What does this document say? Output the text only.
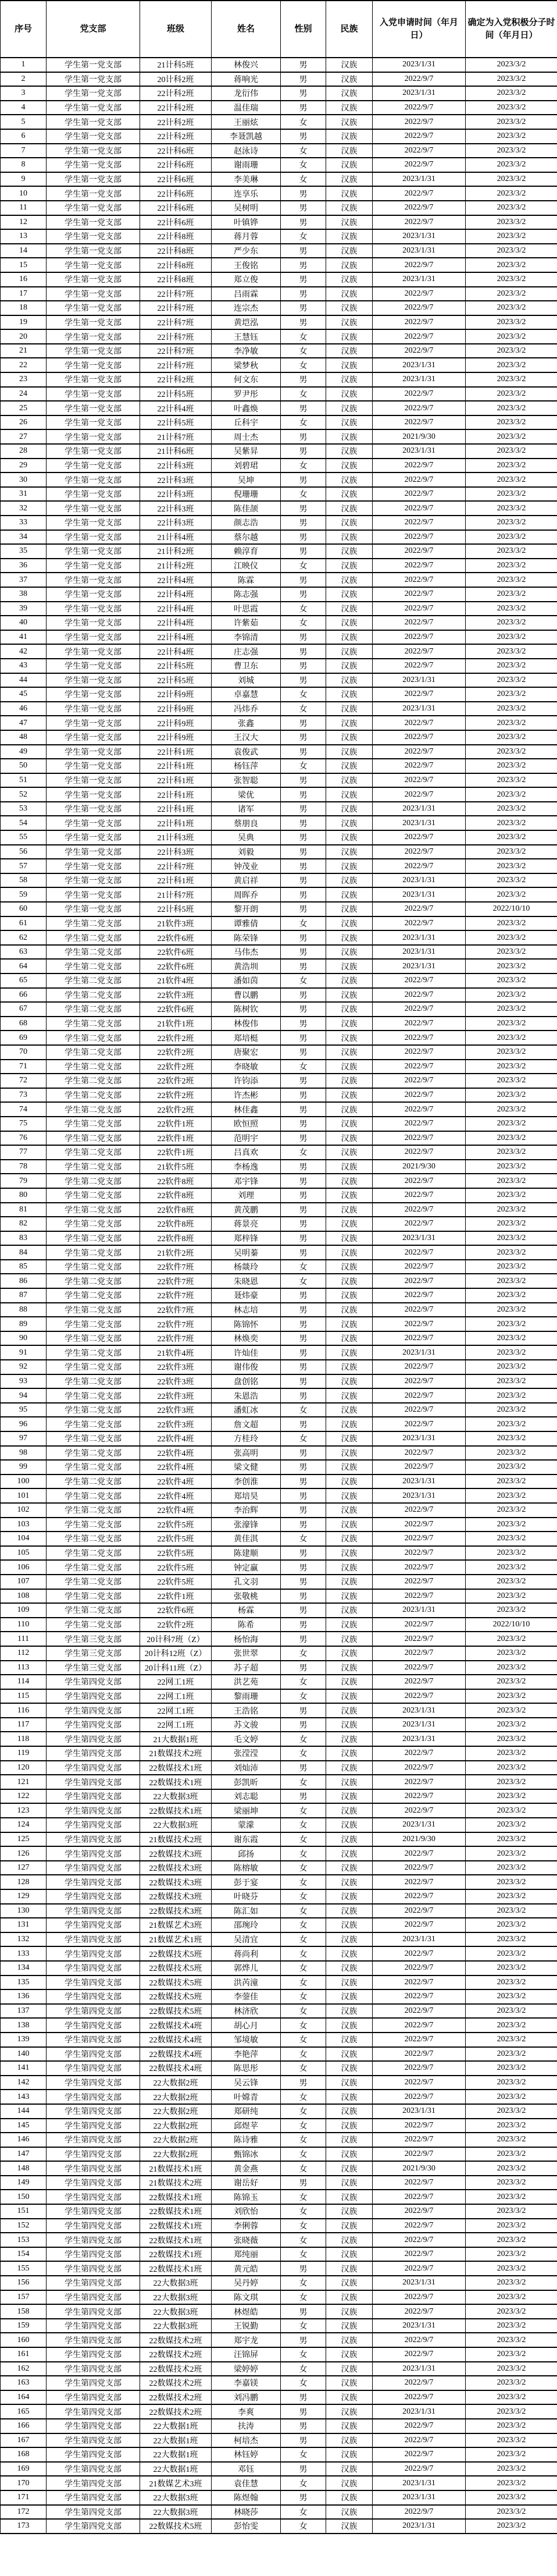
序号	党支部	班级	姓名	性别	民族	入党申请时间（年月日）	确定为入党积极分子时间（年月日）
1	学生第一党支部	21计科5班	林俊兴	男	汉族	2023/1/31	2023/3/2
2	学生第一党支部	20计科2班	蒋响光	男	汉族	2022/9/7	2023/3/2
3	学生第一党支部	22计科2班	龙衍伟	男	汉族	2023/1/31	2023/3/2
4	学生第一党支部	22计科2班	温佳瑞	男	汉族	2022/9/7	2023/3/2
5	学生第一党支部	22计科2班	王丽炫	女	汉族	2022/9/7	2023/3/2
6	学生第一党支部	22计科2班	李聂凯越	男	汉族	2022/9/7	2023/3/2
7	学生第一党支部	22计科6班	赵泳诗	女	汉族	2022/9/7	2023/3/2
8	学生第一党支部	22计科6班	谢雨珊	女	汉族	2022/9/7	2023/3/2
9	学生第一党支部	22计科6班	李美琳	女	汉族	2023/1/31	2023/3/2
10	学生第一党支部	22计科6班	连享乐	男	汉族	2022/9/7	2023/3/2
11	学生第一党支部	22计科6班	吴树明	男	汉族	2022/9/7	2023/3/2
12	学生第一党支部	22计科6班	叶镇铧	男	汉族	2022/9/7	2023/3/2
13	学生第一党支部	22计科8班	蒋月蓉	女	汉族	2023/1/31	2023/3/2
14	学生第一党支部	22计科8班	严少东	男	汉族	2023/1/31	2023/3/2
15	学生第一党支部	22计科8班	王俊铭	男	汉族	2022/9/7	2023/3/2
16	学生第一党支部	22计科8班	郑立俊	男	汉族	2023/1/31	2023/3/2
17	学生第一党支部	22计科7班	吕雨霖	男	汉族	2022/9/7	2023/3/2
18	学生第一党支部	22计科7班	连宗杰	男	汉族	2022/9/7	2023/3/2
19	学生第一党支部	22计科7班	黄垲泓	男	汉族	2022/9/7	2023/3/2
20	学生第一党支部	22计科7班	王慧钰	女	汉族	2022/9/7	2023/3/2
21	学生第一党支部	22计科7班	李净敏	女	汉族	2022/9/7	2023/3/2
22	学生第一党支部	22计科7班	梁梦秋	女	汉族	2023/1/31	2023/3/2
23	学生第一党支部	22计科2班	何文东	男	汉族	2023/1/31	2023/3/2
24	学生第一党支部	22计科5班	罗尹彤	女	汉族	2022/9/7	2023/3/2
25	学生第一党支部	22计科4班	叶鑫焕	男	汉族	2022/9/7	2023/3/2
26	学生第一党支部	22计科5班	丘科宇	女	汉族	2022/9/7	2023/3/2
27	学生第一党支部	21计科7班	周士杰	男	汉族	2021/9/30	2023/3/2
28	学生第一党支部	21计科6班	吴紫昇	男	汉族	2023/1/31	2023/3/2
29	学生第一党支部	22计科3班	刘碧珺	女	汉族	2022/9/7	2023/3/2
30	学生第一党支部	22计科3班	吴坤	男	汉族	2022/9/7	2023/3/2
31	学生第一党支部	22计科3班	倪珊珊	女	汉族	2022/9/7	2023/3/2
32	学生第一党支部	22计科3班	陈佳颉	男	汉族	2022/9/7	2023/3/2
33	学生第一党支部	22计科3班	颜志浩	男	汉族	2022/9/7	2023/3/2
34	学生第一党支部	21计科4班	蔡尔越	男	汉族	2022/9/7	2023/3/2
35	学生第一党支部	21计科2班	赖淳育	男	汉族	2022/9/7	2023/3/2
36	学生第一党支部	21计科2班	江映仪	女	汉族	2022/9/7	2023/3/2
37	学生第一党支部	22计科4班	陈霖	男	汉族	2022/9/7	2023/3/2
38	学生第一党支部	22计科4班	陈志强	男	汉族	2022/9/7	2023/3/2
39	学生第一党支部	22计科4班	叶思霞	女	汉族	2022/9/7	2023/3/2
40	学生第一党支部	22计科4班	许紫茹	女	汉族	2022/9/7	2023/3/2
41	学生第一党支部	22计科4班	李锦清	男	汉族	2022/9/7	2023/3/2
42	学生第一党支部	22计科4班	庄志强	男	汉族	2022/9/7	2023/3/2
43	学生第一党支部	22计科5班	曹卫东	男	汉族	2022/9/7	2023/3/2
44	学生第一党支部	22计科5班	刘城	男	汉族	2023/1/31	2023/3/2
45	学生第一党支部	22计科9班	卓嘉慧	女	汉族	2022/9/7	2023/3/2
46	学生第一党支部	22计科9班	冯炜乔	女	汉族	2023/1/31	2023/3/2
47	学生第一党支部	22计科9班	张鑫	男	汉族	2022/9/7	2023/3/2
48	学生第一党支部	22计科9班	王汉大	男	汉族	2022/9/7	2023/3/2
49	学生第一党支部	22计科1班	袁俊武	男	汉族	2022/9/7	2023/3/2
50	学生第一党支部	22计科1班	杨钰萍	女	汉族	2022/9/7	2023/3/2
51	学生第一党支部	22计科1班	张智聪	男	汉族	2022/9/7	2023/3/2
52	学生第一党支部	22计科1班	梁优	男	汉族	2022/9/7	2023/3/2
53	学生第一党支部	22计科1班	诸军	男	汉族	2023/1/31	2023/3/2
54	学生第一党支部	22计科1班	蔡朋良	男	汉族	2023/1/31	2023/3/2
55	学生第一党支部	21计科3班	吴典	男	汉族	2022/9/7	2023/3/2
56	学生第一党支部	22计科3班	刘毅	男	汉族	2022/9/7	2023/3/2
57	学生第一党支部	22计科7班	钟茂业	男	汉族	2022/9/7	2023/3/2
58	学生第一党支部	22计科1班	黄启祥	男	汉族	2023/1/31	2023/3/2
59	学生第一党支部	21计科7班	周晖乔	男	汉族	2023/1/31	2023/3/2
60	学生第一党支部	22计科5班	黎开朗	男	汉族	2022/9/7	2022/10/10
61	学生第二党支部	21软件3班	谭雅倩	女	汉族	2022/9/7	2023/3/2
62	学生第二党支部	22软件6班	陈荣锋	男	汉族	2023/1/31	2023/3/2
63	学生第二党支部	22软件6班	马伟杰	男	汉族	2023/1/31	2023/3/2
64	学生第二党支部	22软件6班	黄浩圳	男	汉族	2023/1/31	2023/3/2
65	学生第二党支部	21软件4班	潘如茵	女	汉族	2022/9/7	2023/3/2
66	学生第二党支部	22软件3班	曹以鹏	男	汉族	2022/9/7	2023/3/2
67	学生第二党支部	22软件6班	陈树钦	男	汉族	2022/9/7	2023/3/2
68	学生第二党支部	21软件1班	林俊伟	男	汉族	2022/9/7	2023/3/2
69	学生第二党支部	22软件2班	郑培梃	男	汉族	2022/9/7	2023/3/2
70	学生第二党支部	22软件2班	唐聚宏	男	汉族	2022/9/7	2023/3/2
71	学生第二党支部	22软件2班	李晓敏	女	汉族	2022/9/7	2023/3/2
72	学生第二党支部	22软件2班	许钧添	男	汉族	2022/9/7	2023/3/2
73	学生第二党支部	22软件2班	许杰彬	男	汉族	2022/9/7	2023/3/2
74	学生第二党支部	22软件2班	林佳鑫	男	汉族	2022/9/7	2023/3/2
75	学生第二党支部	22软件1班	欧恒照	男	汉族	2022/9/7	2023/3/2
76	学生第二党支部	22软件1班	范明宇	男	汉族	2022/9/7	2023/3/2
77	学生第二党支部	22软件1班	吕真欢	女	汉族	2022/9/7	2023/3/2
78	学生第二党支部	21软件5班	李杨逸	男	汉族	2021/9/30	2023/3/2
79	学生第二党支部	22软件8班	邓宇锋	男	汉族	2022/9/7	2023/3/2
80	学生第二党支部	22软件8班	刘理	男	汉族	2022/9/7	2023/3/2
81	学生第二党支部	22软件8班	黄茂鹏	男	汉族	2022/9/7	2023/3/2
82	学生第二党支部	22软件8班	蒋景亮	男	汉族	2022/9/7	2023/3/2
83	学生第二党支部	22软件8班	郑梓锋	男	汉族	2023/1/31	2023/3/2
84	学生第二党支部	21软件2班	吴明蓁	男	汉族	2022/9/7	2023/3/2
85	学生第二党支部	22软件7班	杨燚玲	女	汉族	2022/9/7	2023/3/2
86	学生第二党支部	22软件7班	朱晓恩	女	汉族	2022/9/7	2023/3/2
87	学生第二党支部	22软件7班	聂炜豪	男	汉族	2022/9/7	2023/3/2
88	学生第二党支部	22软件7班	林志培	男	汉族	2022/9/7	2023/3/2
89	学生第二党支部	22软件7班	陈锦怀	男	汉族	2022/9/7	2023/3/2
90	学生第二党支部	22软件7班	林焕奕	男	汉族	2022/9/7	2023/3/2
91	学生第二党支部	21软件4班	许灿佳	男	汉族	2023/1/31	2023/3/2
92	学生第二党支部	22软件3班	谢伟俊	男	汉族	2022/9/7	2023/3/2
93	学生第二党支部	22软件3班	盘创铭	男	汉族	2022/9/7	2023/3/2
94	学生第二党支部	22软件3班	朱恩浩	男	汉族	2022/9/7	2023/3/2
95	学生第二党支部	22软件3班	潘虹冰	女	汉族	2022/9/7	2023/3/2
96	学生第二党支部	22软件3班	詹文超	男	汉族	2022/9/7	2023/3/2
97	学生第二党支部	22软件4班	方桂玲	女	汉族	2023/1/31	2023/3/2
98	学生第二党支部	22软件4班	张高明	男	汉族	2022/9/7	2023/3/2
99	学生第二党支部	22软件4班	梁文健	男	汉族	2022/9/7	2023/3/2
100	学生第二党支部	22软件4班	李创淮	男	汉族	2023/1/31	2023/3/2
101	学生第二党支部	22软件4班	郑培昊	男	汉族	2023/1/31	2023/3/2
102	学生第二党支部	22软件4班	李治辉	男	汉族	2022/9/7	2023/3/2
103	学生第二党支部	22软件5班	张濠锋	男	汉族	2022/9/7	2023/3/2
104	学生第二党支部	22软件5班	黄佳淇	女	汉族	2022/9/7	2023/3/2
105	学生第二党支部	22软件5班	陈建顺	男	汉族	2022/9/7	2023/3/2
106	学生第二党支部	22软件5班	钟定赢	男	汉族	2022/9/7	2023/3/2
107	学生第二党支部	22软件5班	孔文羽	男	汉族	2022/9/7	2023/3/2
108	学生第二党支部	22软件1班	张敬桃	男	汉族	2022/9/7	2023/3/2
109	学生第二党支部	22软件6班	杨霖	男	汉族	2023/1/31	2023/3/2
110	学生第二党支部	22软件2班	陈希	男	汉族	2022/9/7	2022/10/10
111	学生第三党支部	20计科7班（Z）	杨怡海	男	汉族	2022/9/7	2023/3/2
112	学生第三党支部	20计科12班（Z）	张世翠	女	汉族	2022/9/7	2023/3/2
113	学生第三党支部	20计科11班（Z）	苏子超	男	汉族	2022/9/7	2023/3/2
114	学生第四党支部	22网工1班	洪艺苑	女	汉族	2022/9/7	2023/3/2
115	学生第四党支部	22网工1班	黎雨珊	女	汉族	2022/9/7	2023/3/2
116	学生第四党支部	22网工1班	王浩铭	男	汉族	2023/1/31	2023/3/2
117	学生第四党支部	22网工1班	苏文骏	男	汉族	2023/1/31	2023/3/2
118	学生第四党支部	21大数据1班	毛文婷	女	汉族	2023/1/31	2023/3/2
119	学生第四党支部	21数媒技术2班	张滢滢	女	汉族	2022/9/7	2023/3/2
120	学生第四党支部	22数媒技术1班	刘灿沛	男	汉族	2022/9/7	2023/3/2
121	学生第四党支部	22数媒技术1班	彭凯昕	女	汉族	2022/9/7	2023/3/2
122	学生第四党支部	22大数据3班	刘志聪	男	汉族	2022/9/7	2023/3/2
123	学生第四党支部	22数媒技术1班	梁丽坤	女	汉族	2022/9/7	2023/3/2
124	学生第四党支部	22大数据3班	蒙濛	女	汉族	2023/1/31	2023/3/2
125	学生第四党支部	21数媒技术2班	谢东霞	女	汉族	2021/9/30	2023/3/2
126	学生第四党支部	22数媒技术3班	邱扬	女	汉族	2022/9/7	2023/3/2
127	学生第四党支部	22数媒技术3班	陈榕敏	女	汉族	2022/9/7	2023/3/2
128	学生第四党支部	22数媒技术3班	彭于宴	女	汉族	2022/9/7	2023/3/2
129	学生第四党支部	22数媒技术3班	叶晓芬	女	汉族	2022/9/7	2023/3/2
130	学生第四党支部	22数媒技术3班	陈汇如	女	汉族	2022/9/7	2023/3/2
131	学生第四党支部	21数媒艺术3班	邵琬玲	女	汉族	2022/9/7	2023/3/2
132	学生第四党支部	21数媒艺术1班	吴清宜	女	汉族	2023/1/31	2023/3/2
133	学生第四党支部	22数媒技术5班	蒋尚利	女	汉族	2022/9/7	2023/3/2
134	学生第四党支部	22数媒技术5班	郭烨儿	女	汉族	2022/9/7	2023/3/2
135	学生第四党支部	22数媒技术5班	洪芮潼	女	汉族	2022/9/7	2023/3/2
136	学生第四党支部	22数媒技术5班	李蓥佳	女	汉族	2022/9/7	2023/3/2
137	学生第四党支部	22数媒技术5班	林济欣	女	汉族	2022/9/7	2023/3/2
138	学生第四党支部	22数媒技术4班	胡心月	女	汉族	2022/9/7	2023/3/2
139	学生第四党支部	22数媒技术4班	邹境敏	女	汉族	2022/9/7	2023/3/2
140	学生第四党支部	22数媒技术4班	李艳萍	女	汉族	2022/9/7	2023/3/2
141	学生第四党支部	22数媒技术4班	陈思彤	女	汉族	2022/9/7	2023/3/2
142	学生第四党支部	22大数据2班	吴云锋	男	汉族	2022/9/7	2023/3/2
143	学生第四党支部	22大数据2班	叶嫦青	女	汉族	2022/9/7	2023/3/2
144	学生第四党支部	22大数据2班	郑研纯	女	汉族	2023/1/31	2023/3/2
145	学生第四党支部	22大数据2班	邱煜苹	女	汉族	2022/9/7	2023/3/2
146	学生第四党支部	22大数据2班	陈诗雅	女	汉族	2022/9/7	2023/3/2
147	学生第四党支部	22大数据2班	甄锦冰	女	汉族	2022/9/7	2023/3/2
148	学生第四党支部	21数媒技术1班	黄金燕	女	汉族	2021/9/30	2023/3/2
149	学生第四党支部	21数媒技术2班	谢岳好	男	汉族	2022/9/7	2023/3/2
150	学生第四党支部	22数媒技术1班	陈锦玉	女	汉族	2022/9/7	2023/3/2
151	学生第四党支部	22数媒技术1班	刘欣怡	女	汉族	2022/9/7	2023/3/2
152	学生第四党支部	22数媒技术1班	李俐蓉	女	汉族	2022/9/7	2023/3/2
153	学生第四党支部	22数媒技术1班	张晓薇	女	汉族	2022/9/7	2023/3/2
154	学生第四党支部	22数媒技术1班	郑纯丽	女	汉族	2022/9/7	2023/3/2
155	学生第四党支部	22数媒技术1班	黄元皓	男	汉族	2022/9/7	2023/3/2
156	学生第四党支部	22大数据3班	吴丹婷	女	汉族	2023/1/31	2023/3/2
157	学生第四党支部	22大数据3班	陈文琪	女	汉族	2022/9/7	2023/3/2
158	学生第四党支部	22大数据3班	林煜皓	男	汉族	2022/9/7	2023/3/2
159	学生第四党支部	22大数据3班	王锐勤	女	汉族	2023/1/31	2023/3/2
160	学生第四党支部	22数媒技术2班	郑宇龙	男	汉族	2022/9/7	2023/3/2
161	学生第四党支部	22数媒技术2班	汪锦屏	女	汉族	2022/9/7	2023/3/2
162	学生第四党支部	22数媒技术2班	梁婷婷	女	汉族	2023/1/31	2023/3/2
163	学生第四党支部	22数媒技术2班	李嘉镁	女	汉族	2022/9/7	2023/3/2
164	学生第四党支部	22数媒技术2班	刘冯鹏	男	汉族	2022/9/7	2023/3/2
165	学生第四党支部	22数媒技术2班	李爽	男	汉族	2023/1/31	2023/3/2
166	学生第四党支部	22大数据1班	扶涛	男	汉族	2022/9/7	2023/3/2
167	学生第四党支部	22大数据1班	柯培杰	男	汉族	2022/9/7	2023/3/2
168	学生第四党支部	22大数据1班	林钰婷	女	汉族	2022/9/7	2023/3/2
169	学生第四党支部	22大数据1班	邓钰	男	汉族	2022/9/7	2023/3/2
170	学生第四党支部	21数媒艺术3班	袁佳慧	女	汉族	2023/1/31	2023/3/2
171	学生第四党支部	22大数据3班	陈煜翰	男	汉族	2023/1/31	2023/3/2
172	学生第四党支部	22大数据3班	林晓莎	女	汉族	2022/9/7	2023/3/2
173	学生第四党支部	22数媒技术5班	彭怡雯	女	汉族	2023/1/31	2023/3/2
